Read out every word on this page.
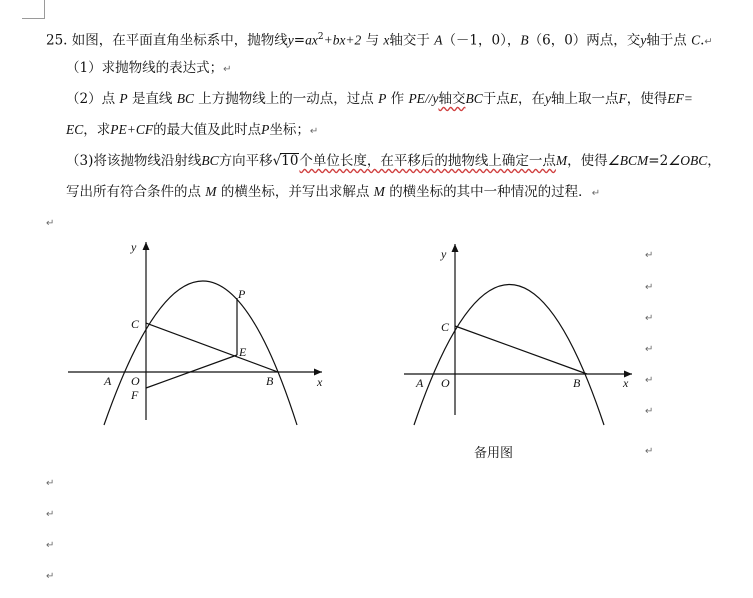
25. 如图，在平面直角坐标系中，抛物线$y=ax^2+bx+2$ 与 x轴交于 A（－1，0），B（6，0）两点，交y轴于点 C.↵
（1）求抛物线的表达式；↵
（2）点 P 是直线 BC 上方抛物线上的一动点，过点 P 作 PE//y轴交BC于点E，在y轴上取一点F，使得EF=
EC，求PE+CF的最大值及此时点P坐标；↵
（3)将该抛物线沿射线BC方向平移√10个单位长度，在平移后的抛物线上确定一点M，使得∠BCM=2∠OBC，
写出所有符合条件的点 M 的横坐标，并写出求解点 M 的横坐标的其中一种情况的过程．↵
↵
y
x
P
C
E
A O	B
F
y
x
C
A O	B
备用图
↵
↵
↵
↵
↵
↵
↵
↵
↵
↵
↵
